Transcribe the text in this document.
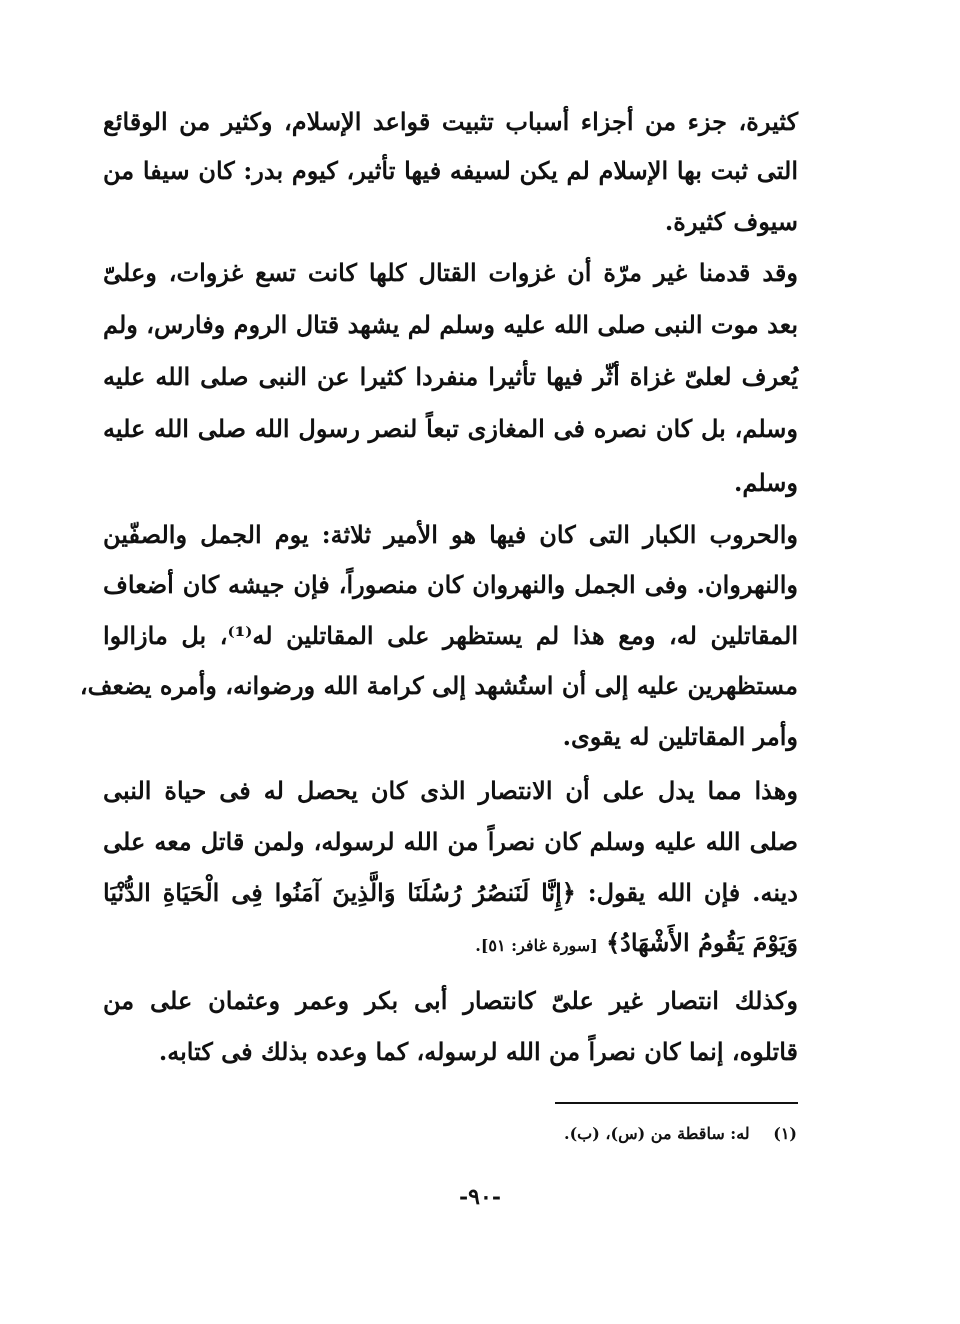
كثيرة، جزء من أجزاء أسباب تثبيت قواعد الإسلام، وكثير من الوقائع
التى ثبت بها الإسلام لم يكن لسيفه فيها تأثير، كيوم بدر: كان سيفا من
سيوف كثيرة.
وقد قدمنا غير مرّة أن غزوات القتال كلها كانت تسع غزوات، وعلىّ
بعد موت النبى صلى الله عليه وسلم لم يشهد قتال الروم وفارس، ولم
يُعرف لعلىّ غزاة أثّر فيها تأثيرا منفردا كثيرا عن النبى صلى الله عليه
وسلم، بل كان نصره فى المغازى تبعاً لنصر رسول الله صلى الله عليه
وسلم.
والحروب الكبار التى كان فيها هو الأمير ثلاثة: يوم الجمل والصفّين
والنهروان. وفى الجمل والنهروان كان منصوراً، فإن جيشه كان أضعاف
المقاتلين له، ومع هذا لم يستظهر على المقاتلين له⁽¹⁾، بل مازالوا
مستظهرين عليه إلى أن استُشهد إلى كرامة الله ورضوانه، وأمره يضعف،
وأمر المقاتلين له يقوى.
وهذا مما يدل على أن الانتصار الذى كان يحصل له فى حياة النبى
صلى الله عليه وسلم كان نصراً من الله لرسوله، ولمن قاتل معه على
دينه. فإن الله يقول: ﴿إِنَّا لَنَنصُرُ رُسُلَنَا وَالَّذِينَ آمَنُوا فِى الْحَيَاةِ الدُّنْيَا
وَيَوْمَ يَقُومُ الأَشْهَادُ﴾ [سورة غافر: ٥١].
وكذلك انتصار غير علىّ كانتصار أبى بكر وعمر وعثمان على من
قاتلوه، إنما كان نصراً من الله لرسوله، كما وعده بذلك فى كتابه.
(١) له: ساقطة من (س)، (ب).
-٩٠-
